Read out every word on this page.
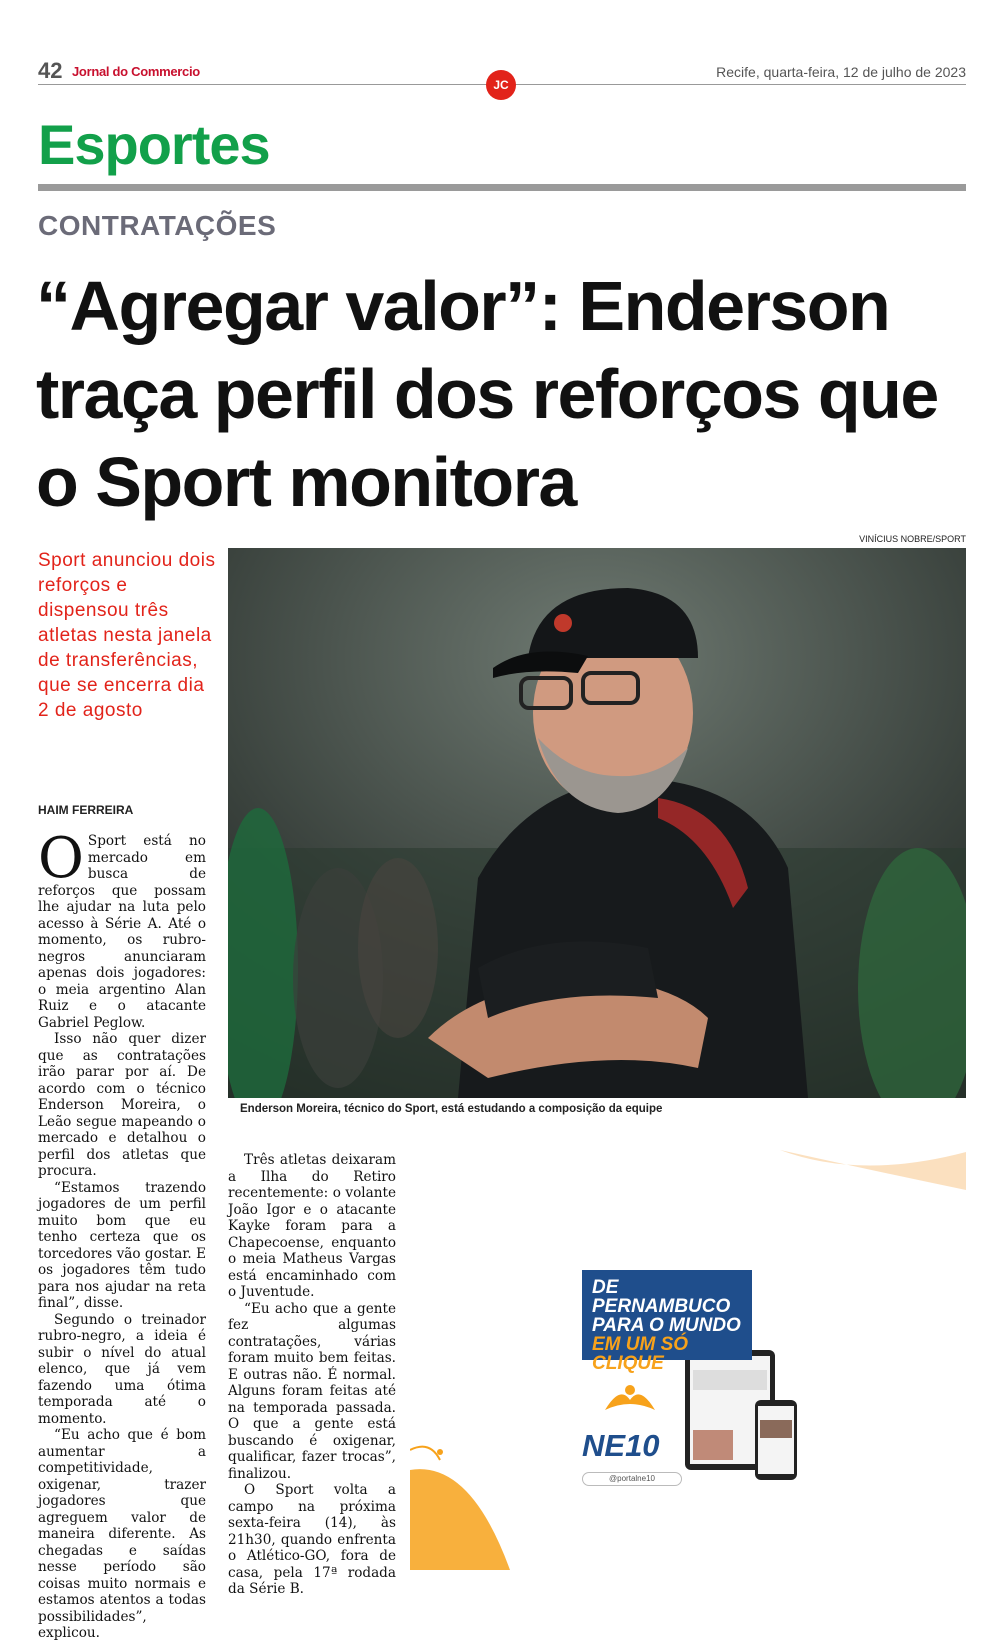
42 Jornal do Commercio
JC
Recife, quarta-feira, 12 de julho de 2023
Esportes
CONTRATAÇÕES
“Agregar valor”: Enderson traça perfil dos reforços que o Sport monitora
VINÍCIUS NOBRE/SPORT
Sport anunciou dois reforços e dispensou três atletas nesta janela de transferências, que se encerra dia 2 de agosto
HAIM FERREIRA
Enderson Moreira, técnico do Sport, está estudando a composição da equipe

O Sport está no mercado em busca de reforços que possam lhe ajudar na luta pelo acesso à Série A. Até o momento, os rubro-negros anunciaram apenas dois jogadores: o meia argentino Alan Ruiz e o atacante Gabriel Peglow.

Isso não quer dizer que as contratações irão parar por aí. De acordo com o técnico Enderson Moreira, o Leão segue mapeando o mercado e detalhou o perfil dos atletas que procura.

“Estamos trazendo jogadores de um perfil muito bom que eu tenho certeza que os torcedores vão gostar. E os jogadores têm tudo para nos ajudar na reta final”, disse.

Segundo o treinador rubro-negro, a ideia é subir o nível do atual elenco, que já vem fazendo uma ótima temporada até o momento.

“Eu acho que é bom aumentar a competitividade, oxigenar, trazer jogadores que agreguem valor de maneira diferente. As chegadas e saídas nesse período são coisas muito normais e estamos atentos a todas possibilidades”, explicou.

Três atletas deixaram a Ilha do Retiro recentemente: o volante João Igor e o atacante Kayke foram para a Chapecoense, enquanto o meia Matheus Vargas está encaminhado com o Juventude.

“Eu acho que a gente fez algumas contratações, várias foram muito bem feitas. E outras não. É normal. Alguns foram feitas até na temporada passada. O que a gente está buscando é oxigenar, qualificar, fazer trocas”, finalizou.

O Sport volta a campo na próxima sexta-feira (14), às 21h30, quando enfrenta o Atlético-GO, fora de casa, pela 17ª rodada da Série B.

DE PERNAMBUCO
PARA O MUNDO
EM UM SÓ
CLIQUE
NE10
@portalne10
